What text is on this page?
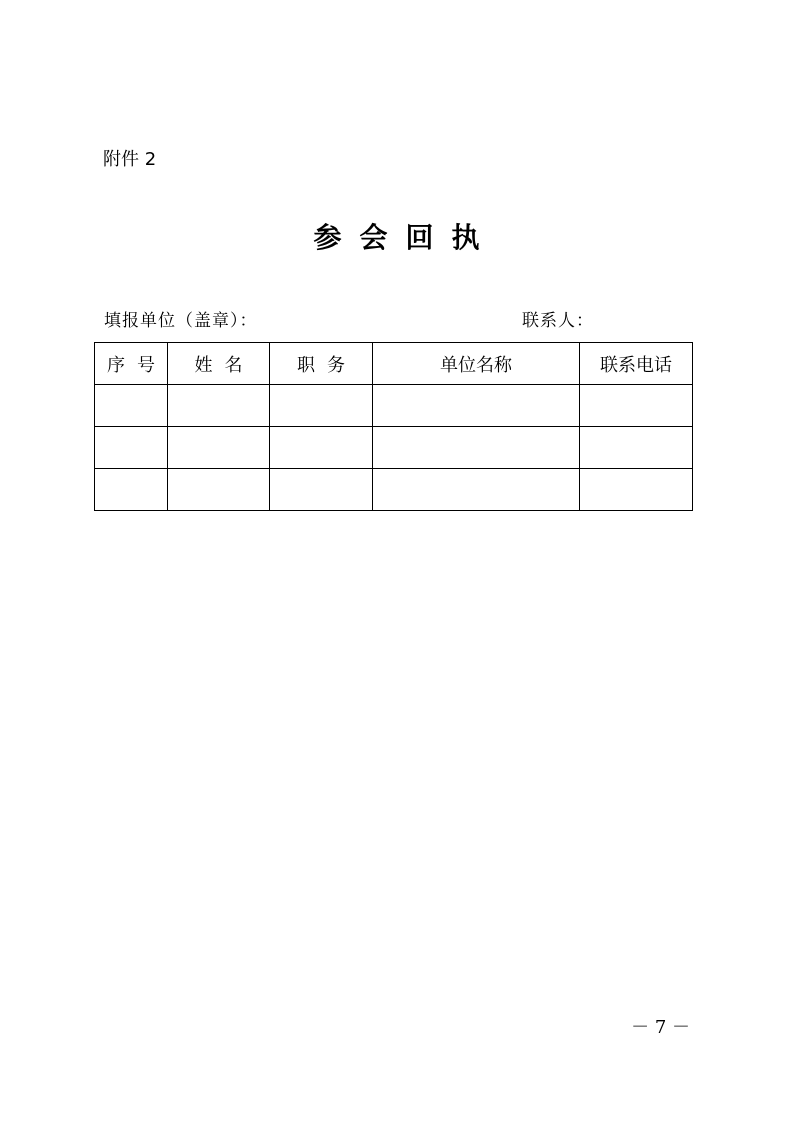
附件 2
参会回执
填报单位（盖章）：	联系人：
序号	姓名	职务	单位名称	联系电话

－ 7 －
